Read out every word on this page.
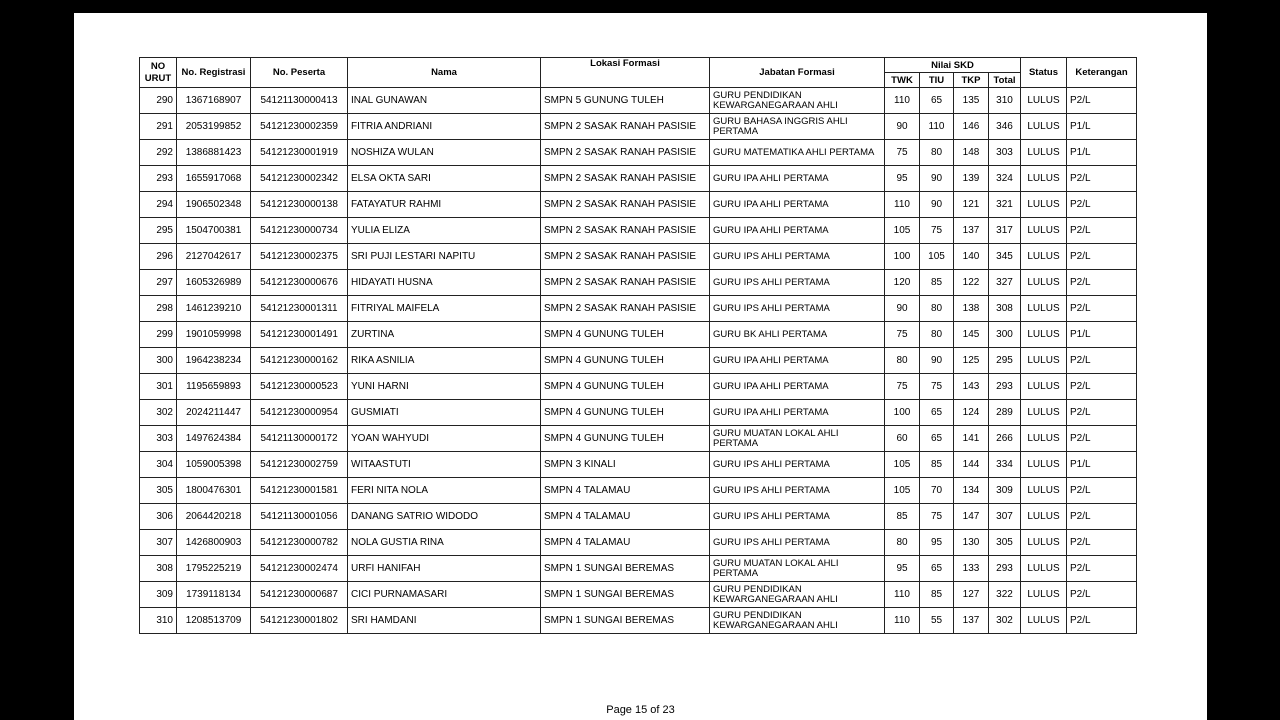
NO URUT	No. Registrasi	No. Peserta	Nama	Lokasi Formasi	Jabatan Formasi	Nilai SKD				Status	Keterangan
						TWK	TIU	TKP	Total		
290	1367168907	54121130000413	INAL GUNAWAN	SMPN 5 GUNUNG TULEH	GURU PENDIDIKAN KEWARGANEGARAAN AHLI	110	65	135	310	LULUS	P2/L
291	2053199852	54121230002359	FITRIA ANDRIANI	SMPN 2 SASAK RANAH PASISIE	GURU BAHASA INGGRIS AHLI PERTAMA	90	110	146	346	LULUS	P1/L
292	1386881423	54121230001919	NOSHIZA WULAN	SMPN 2 SASAK RANAH PASISIE	GURU MATEMATIKA AHLI PERTAMA	75	80	148	303	LULUS	P1/L
293	1655917068	54121230002342	ELSA OKTA SARI	SMPN 2 SASAK RANAH PASISIE	GURU IPA AHLI PERTAMA	95	90	139	324	LULUS	P2/L
294	1906502348	54121230000138	FATAYATUR RAHMI	SMPN 2 SASAK RANAH PASISIE	GURU IPA AHLI PERTAMA	110	90	121	321	LULUS	P2/L
295	1504700381	54121230000734	YULIA ELIZA	SMPN 2 SASAK RANAH PASISIE	GURU IPA AHLI PERTAMA	105	75	137	317	LULUS	P2/L
296	2127042617	54121230002375	SRI PUJI LESTARI NAPITU	SMPN 2 SASAK RANAH PASISIE	GURU IPS AHLI PERTAMA	100	105	140	345	LULUS	P2/L
297	1605326989	54121230000676	HIDAYATI HUSNA	SMPN 2 SASAK RANAH PASISIE	GURU IPS AHLI PERTAMA	120	85	122	327	LULUS	P2/L
298	1461239210	54121230001311	FITRIYAL MAIFELA	SMPN 2 SASAK RANAH PASISIE	GURU IPS AHLI PERTAMA	90	80	138	308	LULUS	P2/L
299	1901059998	54121230001491	ZURTINA	SMPN 4 GUNUNG TULEH	GURU BK AHLI PERTAMA	75	80	145	300	LULUS	P1/L
300	1964238234	54121230000162	RIKA ASNILIA	SMPN 4 GUNUNG TULEH	GURU IPA AHLI PERTAMA	80	90	125	295	LULUS	P2/L
301	1195659893	54121230000523	YUNI HARNI	SMPN 4 GUNUNG TULEH	GURU IPA AHLI PERTAMA	75	75	143	293	LULUS	P2/L
302	2024211447	54121230000954	GUSMIATI	SMPN 4 GUNUNG TULEH	GURU IPA AHLI PERTAMA	100	65	124	289	LULUS	P2/L
303	1497624384	54121130000172	YOAN WAHYUDI	SMPN 4 GUNUNG TULEH	GURU MUATAN LOKAL AHLI PERTAMA	60	65	141	266	LULUS	P2/L
304	1059005398	54121230002759	WITAASTUTI	SMPN 3 KINALI	GURU IPS AHLI PERTAMA	105	85	144	334	LULUS	P1/L
305	1800476301	54121230001581	FERI NITA NOLA	SMPN 4 TALAMAU	GURU IPS AHLI PERTAMA	105	70	134	309	LULUS	P2/L
306	2064420218	54121130001056	DANANG SATRIO WIDODO	SMPN 4 TALAMAU	GURU IPS AHLI PERTAMA	85	75	147	307	LULUS	P2/L
307	1426800903	54121230000782	NOLA GUSTIA RINA	SMPN 4 TALAMAU	GURU IPS AHLI PERTAMA	80	95	130	305	LULUS	P2/L
308	1795225219	54121230002474	URFI HANIFAH	SMPN 1 SUNGAI BEREMAS	GURU MUATAN LOKAL AHLI PERTAMA	95	65	133	293	LULUS	P2/L
309	1739118134	54121230000687	CICI PURNAMASARI	SMPN 1 SUNGAI BEREMAS	GURU PENDIDIKAN KEWARGANEGARAAN AHLI	110	85	127	322	LULUS	P2/L
310	1208513709	54121230001802	SRI HAMDANI	SMPN 1 SUNGAI BEREMAS	GURU PENDIDIKAN KEWARGANEGARAAN AHLI	110	55	137	302	LULUS	P2/L
Page 15 of 23
